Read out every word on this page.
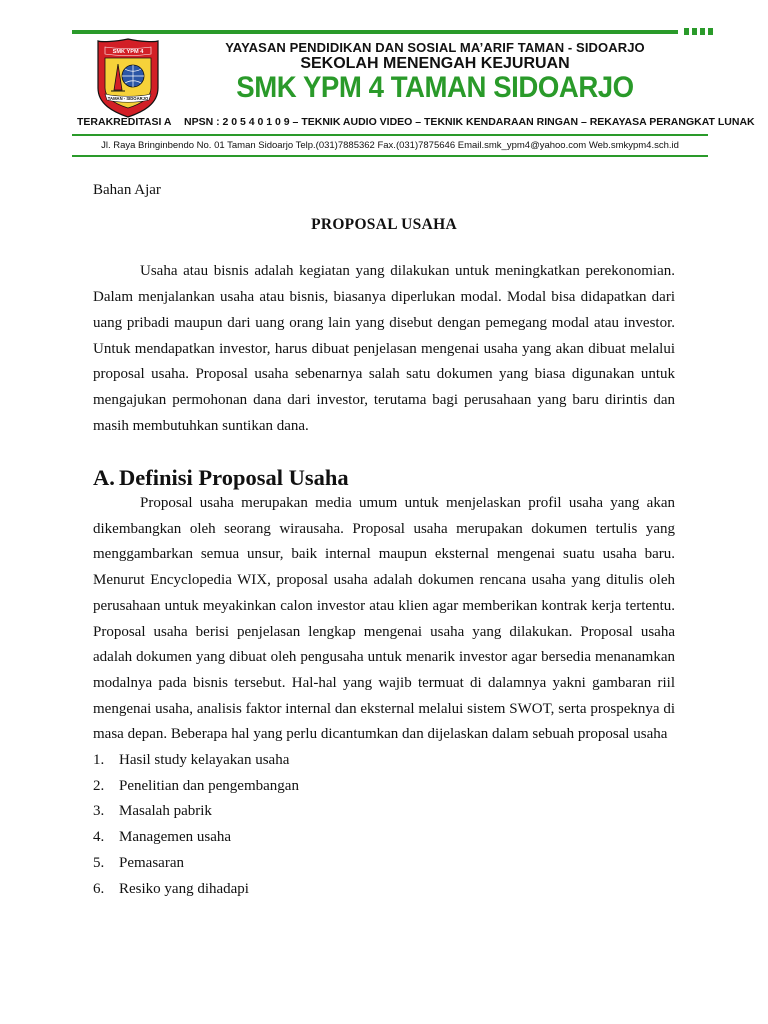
SMK YPM 4
TAMAN - SIDOARJO
YAYASAN PENDIDIKAN DAN SOSIAL MA’ARIF TAMAN - SIDOARJO
SEKOLAH MENENGAH KEJURUAN
SMK YPM 4 TAMAN SIDOARJO
TERAKREDITASI A NPSN : 2 0 5 4 0 1 0 9 – TEKNIK AUDIO VIDEO – TEKNIK KENDARAAN RINGAN – REKAYASA PERANGKAT LUNAK
Jl. Raya Bringinbendo No. 01 Taman Sidoarjo Telp.(031)7885362 Fax.(031)7875646 Email.smk_ypm4@yahoo.com Web.smkypm4.sch.id

Bahan Ajar

PROPOSAL USAHA

Usaha atau bisnis adalah kegiatan yang dilakukan untuk meningkatkan perekonomian. Dalam menjalankan usaha atau bisnis, biasanya diperlukan modal. Modal bisa didapatkan dari uang pribadi maupun dari uang orang lain yang disebut dengan pemegang modal atau investor. Untuk mendapatkan investor, harus dibuat penjelasan mengenai usaha yang akan dibuat melalui proposal usaha. Proposal usaha sebenarnya salah satu dokumen yang biasa digunakan untuk mengajukan permohonan dana dari investor, terutama bagi perusahaan yang baru dirintis dan masih membutuhkan suntikan dana.

A. Definisi Proposal Usaha

Proposal usaha merupakan media umum untuk menjelaskan profil usaha yang akan dikembangkan oleh seorang wirausaha. Proposal usaha merupakan dokumen tertulis yang menggambarkan semua unsur, baik internal maupun eksternal mengenai suatu usaha baru. Menurut Encyclopedia WIX, proposal usaha adalah dokumen rencana usaha yang ditulis oleh perusahaan untuk meyakinkan calon investor atau klien agar memberikan kontrak kerja tertentu. Proposal usaha berisi penjelasan lengkap mengenai usaha yang dilakukan. Proposal usaha adalah dokumen yang dibuat oleh pengusaha untuk menarik investor agar bersedia menanamkan modalnya pada bisnis tersebut. Hal-hal yang wajib termuat di dalamnya yakni gambaran riil mengenai usaha, analisis faktor internal dan eksternal melalui sistem SWOT, serta prospeknya di masa depan. Beberapa hal yang perlu dicantumkan dan dijelaskan dalam sebuah proposal usaha

1. Hasil study kelayakan usaha
2. Penelitian dan pengembangan
3. Masalah pabrik
4. Managemen usaha
5. Pemasaran
6. Resiko yang dihadapi
